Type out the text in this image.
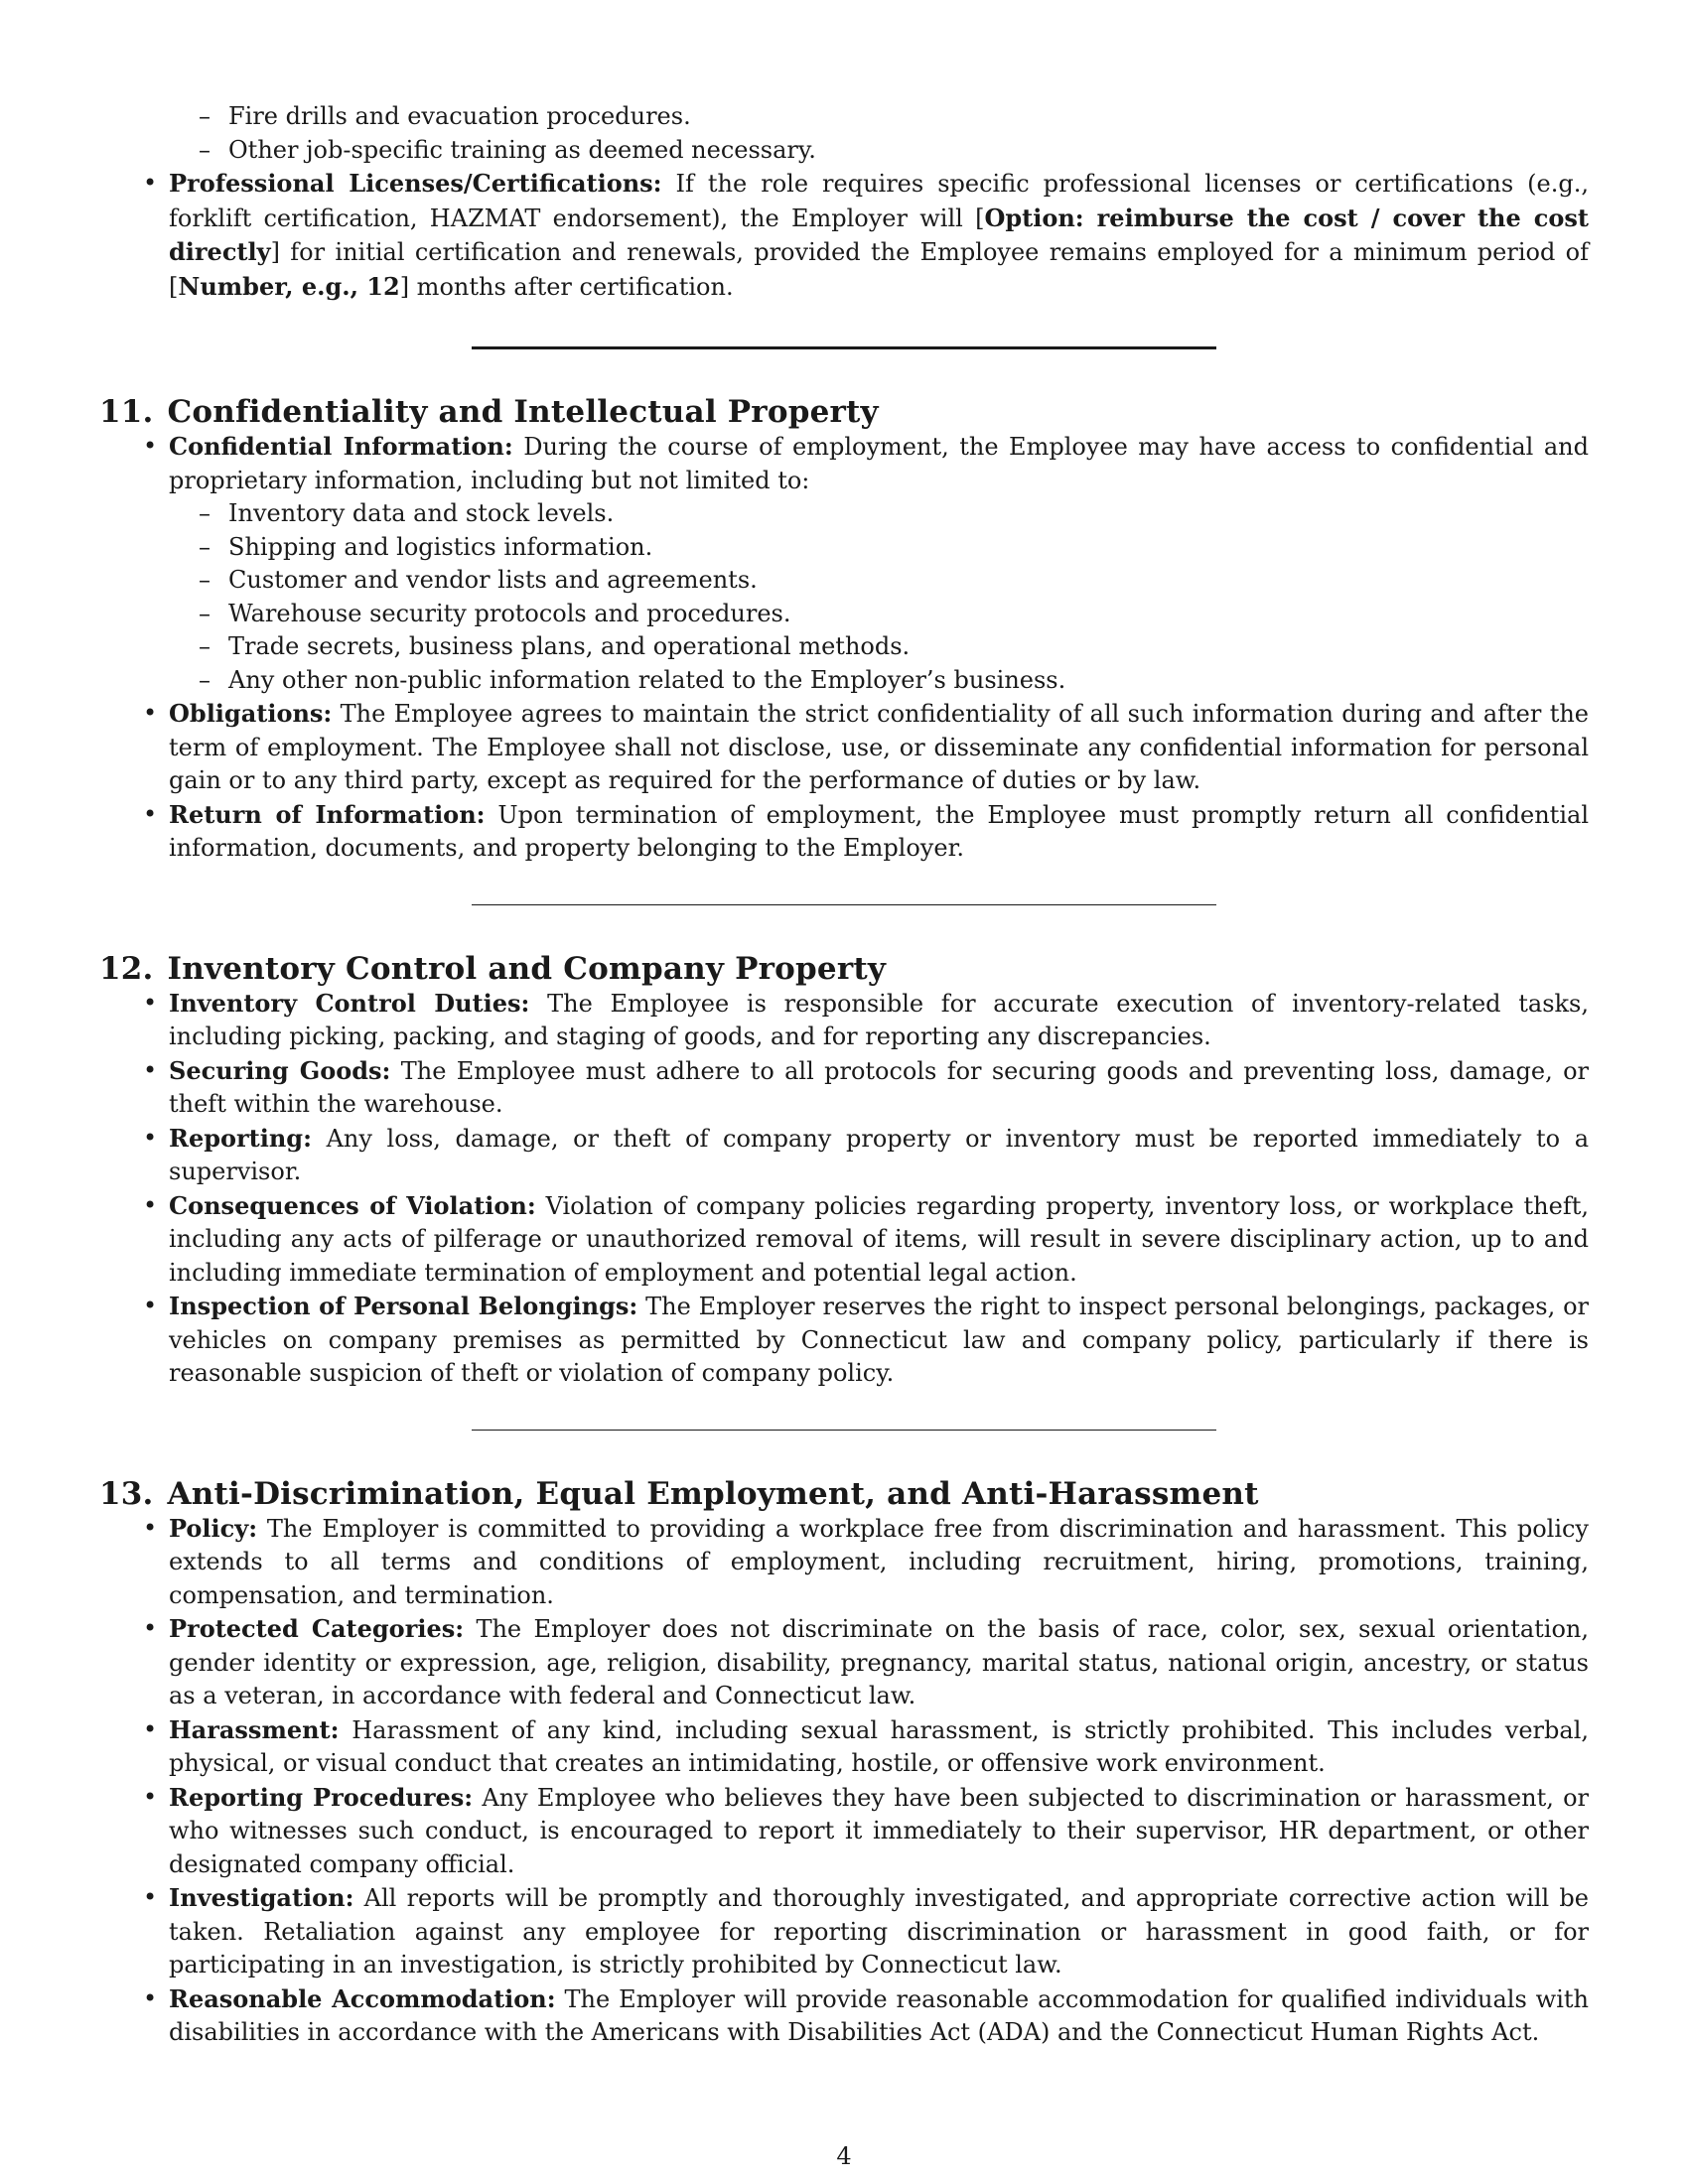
– Fire drills and evacuation procedures.
– Other job-specific training as deemed necessary.
• Professional Licenses/Certifications: If the role requires specific professional licenses or certifications (e.g., forklift certification, HAZMAT endorsement), the Employer will [Option: reimburse the cost / cover the cost directly] for initial certification and renewals, provided the Employee remains employed for a minimum period of [Number, e.g., 12] months after certification.
11. Confidentiality and Intellectual Property
• Confidential Information: During the course of employment, the Employee may have access to confidential and proprietary information, including but not limited to:
– Inventory data and stock levels.
– Shipping and logistics information.
– Customer and vendor lists and agreements.
– Warehouse security protocols and procedures.
– Trade secrets, business plans, and operational methods.
– Any other non-public information related to the Employer’s business.
• Obligations: The Employee agrees to maintain the strict confidentiality of all such information during and after the term of employment. The Employee shall not disclose, use, or disseminate any confidential information for personal gain or to any third party, except as required for the performance of duties or by law.
• Return of Information: Upon termination of employment, the Employee must promptly return all confidential information, documents, and property belonging to the Employer.
12. Inventory Control and Company Property
• Inventory Control Duties: The Employee is responsible for accurate execution of inventory-related tasks, including picking, packing, and staging of goods, and for reporting any discrepancies.
• Securing Goods: The Employee must adhere to all protocols for securing goods and preventing loss, damage, or theft within the warehouse.
• Reporting: Any loss, damage, or theft of company property or inventory must be reported immediately to a supervisor.
• Consequences of Violation: Violation of company policies regarding property, inventory loss, or workplace theft, including any acts of pilferage or unauthorized removal of items, will result in severe disciplinary action, up to and including immediate termination of employment and potential legal action.
• Inspection of Personal Belongings: The Employer reserves the right to inspect personal belongings, packages, or vehicles on company premises as permitted by Connecticut law and company policy, particularly if there is reasonable suspicion of theft or violation of company policy.
13. Anti-Discrimination, Equal Employment, and Anti-Harassment
• Policy: The Employer is committed to providing a workplace free from discrimination and harassment. This policy extends to all terms and conditions of employment, including recruitment, hiring, promotions, training, compensation, and termination.
• Protected Categories: The Employer does not discriminate on the basis of race, color, sex, sexual orientation, gender identity or expression, age, religion, disability, pregnancy, marital status, national origin, ancestry, or status as a veteran, in accordance with federal and Connecticut law.
• Harassment: Harassment of any kind, including sexual harassment, is strictly prohibited. This includes verbal, physical, or visual conduct that creates an intimidating, hostile, or offensive work environment.
• Reporting Procedures: Any Employee who believes they have been subjected to discrimination or harassment, or who witnesses such conduct, is encouraged to report it immediately to their supervisor, HR department, or other designated company official.
• Investigation: All reports will be promptly and thoroughly investigated, and appropriate corrective action will be taken. Retaliation against any employee for reporting discrimination or harassment in good faith, or for participating in an investigation, is strictly prohibited by Connecticut law.
• Reasonable Accommodation: The Employer will provide reasonable accommodation for qualified individuals with disabilities in accordance with the Americans with Disabilities Act (ADA) and the Connecticut Human Rights Act.
4
